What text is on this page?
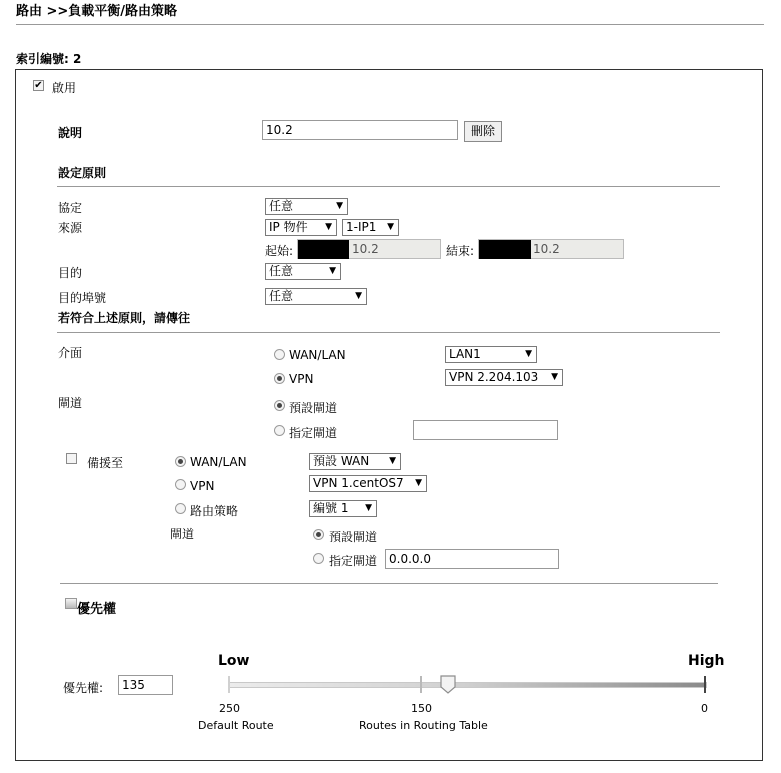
路由 >>負載平衡/路由策略
索引編號: 2
✔ 啟用
說明	10.2	刪除
設定原則
協定	任意	▼
來源	IP 物件 ▼	1-IP1 ▼
起始:	10.2	結束:	10.2
目的	任意	▼
目的埠號	任意	▼
若符合上述原則，請傳往
介面	WAN/LAN	LAN1	▼
VPN	VPN 2.204.103 ▼
閘道	預設閘道
指定閘道
備援至	WAN/LAN	預設 WAN ▼
VPN	VPN 1.centOS7 ▼
路由策略	編號 1 ▼
閘道	預設閘道
指定閘道 0.0.0.0
優先權
Low	High
優先權:	135
250	150	0
Default Route	Routes in Routing Table
